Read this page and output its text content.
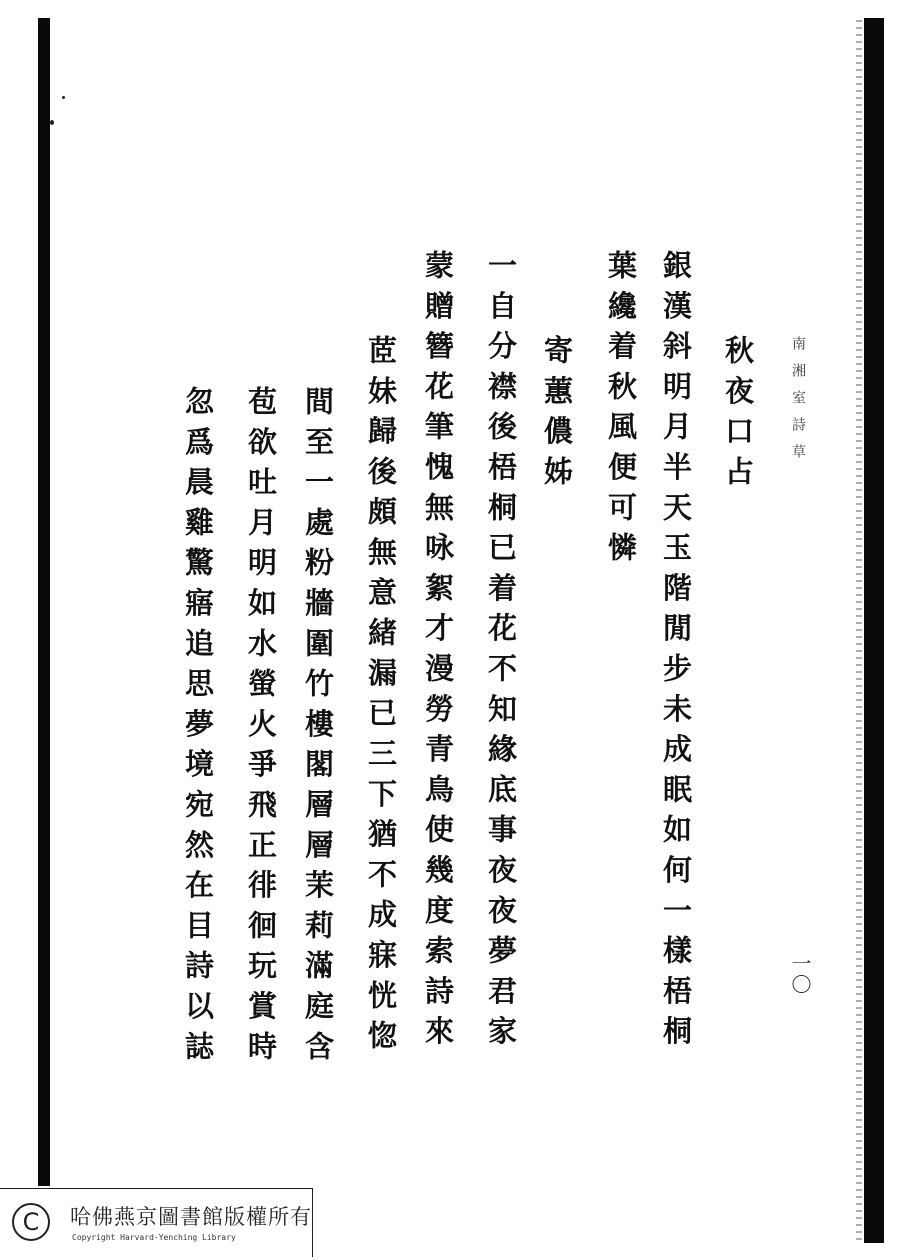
南湘室詩草
一〇
秋夜口占
銀漢斜明月半天玉階閒步未成眠如何一樣梧桐
葉纔着秋風便可憐
寄蕙儂姊
一自分襟後梧桐已着花不知緣底事夜夜夢君家
蒙贈簪花筆愧無咏絮才漫勞青鳥使幾度索詩來
茝妹歸後頗無意緒漏已三下猶不成寐恍惚
間至一處粉牆圍竹樓閣層層茉莉滿庭含
苞欲吐月明如水螢火爭飛正徘徊玩賞時
忽爲晨雞驚寤追思夢境宛然在目詩以誌
C	哈佛燕京圖書館版權所有
Copyright Harvard-Yenching Library
